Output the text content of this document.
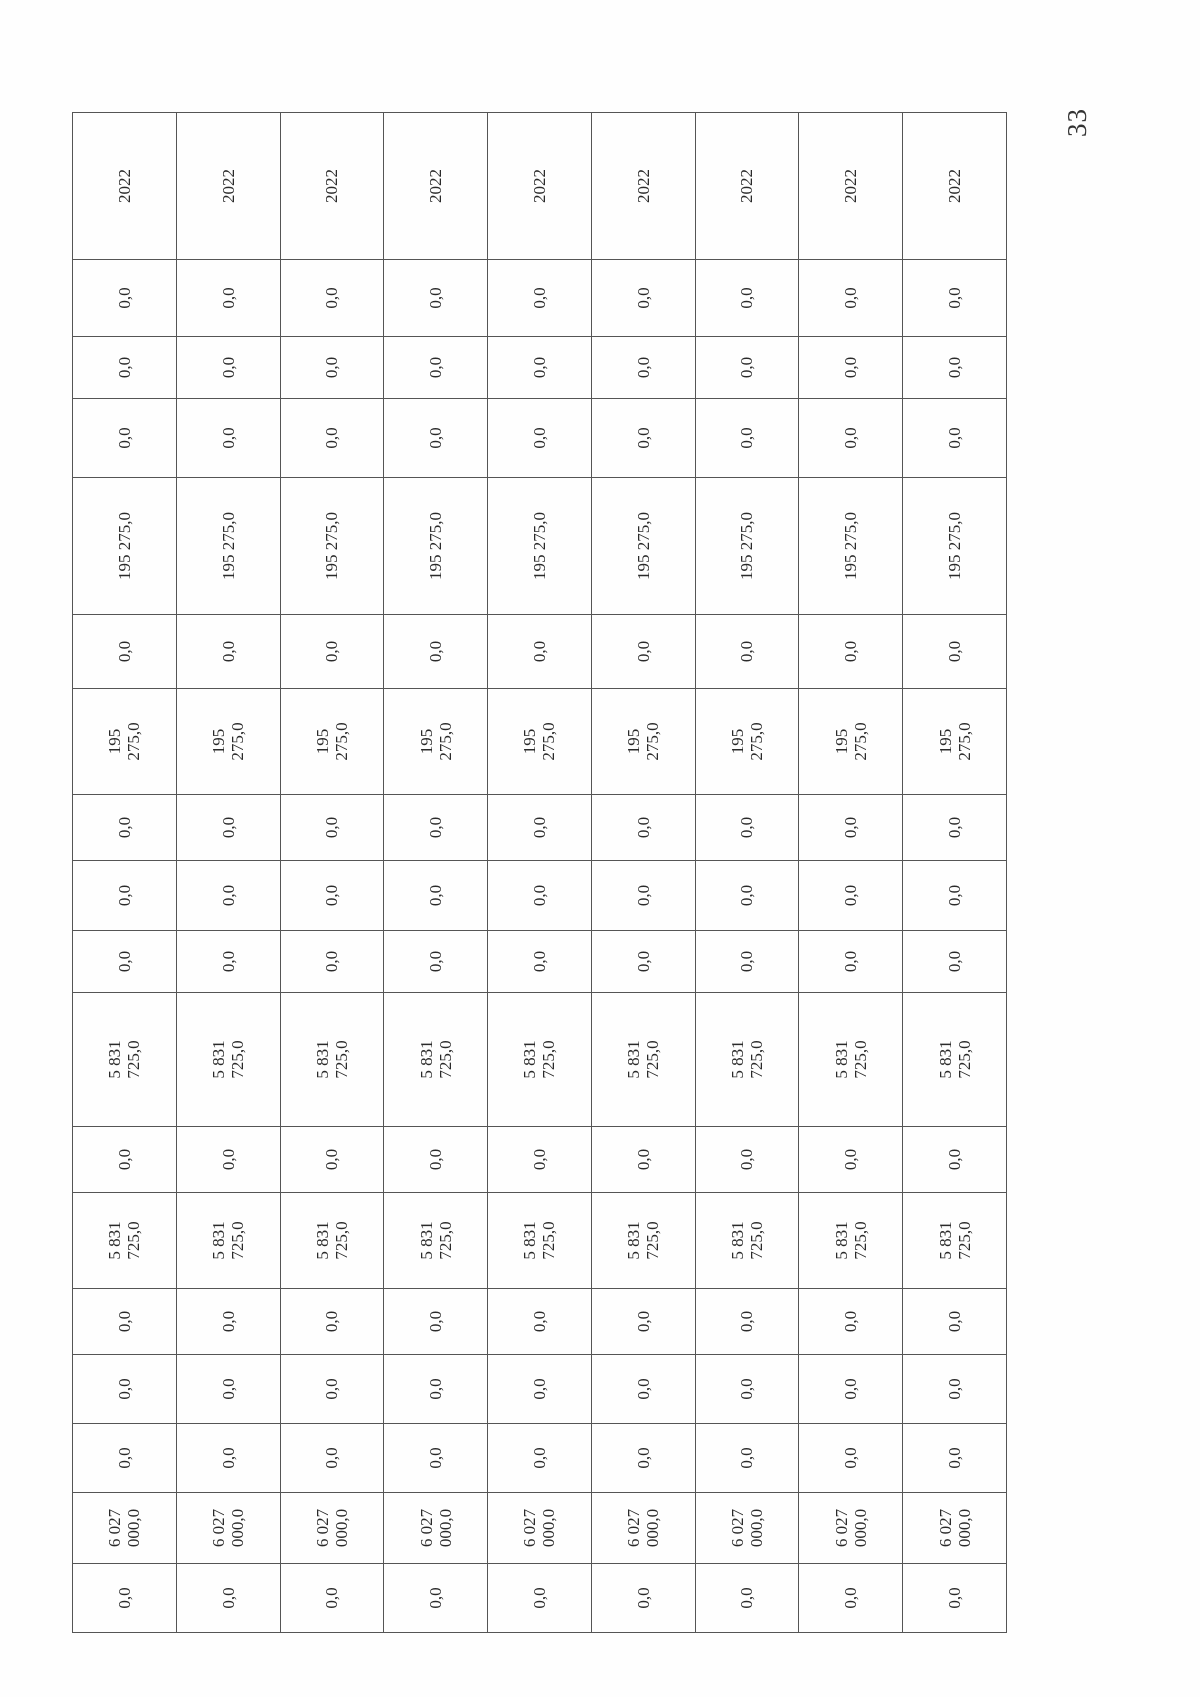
33
0,0	6 027 000,0	0,0	0,0	0,0	5 831 725,0	0,0	5 831 725,0	0,0	0,0	0,0	195 275,0	0,0	195 275,0	0,0	0,0	0,0	2022
0,0	6 027 000,0	0,0	0,0	0,0	5 831 725,0	0,0	5 831 725,0	0,0	0,0	0,0	195 275,0	0,0	195 275,0	0,0	0,0	0,0	2022
0,0	6 027 000,0	0,0	0,0	0,0	5 831 725,0	0,0	5 831 725,0	0,0	0,0	0,0	195 275,0	0,0	195 275,0	0,0	0,0	0,0	2022
0,0	6 027 000,0	0,0	0,0	0,0	5 831 725,0	0,0	5 831 725,0	0,0	0,0	0,0	195 275,0	0,0	195 275,0	0,0	0,0	0,0	2022
0,0	6 027 000,0	0,0	0,0	0,0	5 831 725,0	0,0	5 831 725,0	0,0	0,0	0,0	195 275,0	0,0	195 275,0	0,0	0,0	0,0	2022
0,0	6 027 000,0	0,0	0,0	0,0	5 831 725,0	0,0	5 831 725,0	0,0	0,0	0,0	195 275,0	0,0	195 275,0	0,0	0,0	0,0	2022
0,0	6 027 000,0	0,0	0,0	0,0	5 831 725,0	0,0	5 831 725,0	0,0	0,0	0,0	195 275,0	0,0	195 275,0	0,0	0,0	0,0	2022
0,0	6 027 000,0	0,0	0,0	0,0	5 831 725,0	0,0	5 831 725,0	0,0	0,0	0,0	195 275,0	0,0	195 275,0	0,0	0,0	0,0	2022
0,0	6 027 000,0	0,0	0,0	0,0	5 831 725,0	0,0	5 831 725,0	0,0	0,0	0,0	195 275,0	0,0	195 275,0	0,0	0,0	0,0	2022
